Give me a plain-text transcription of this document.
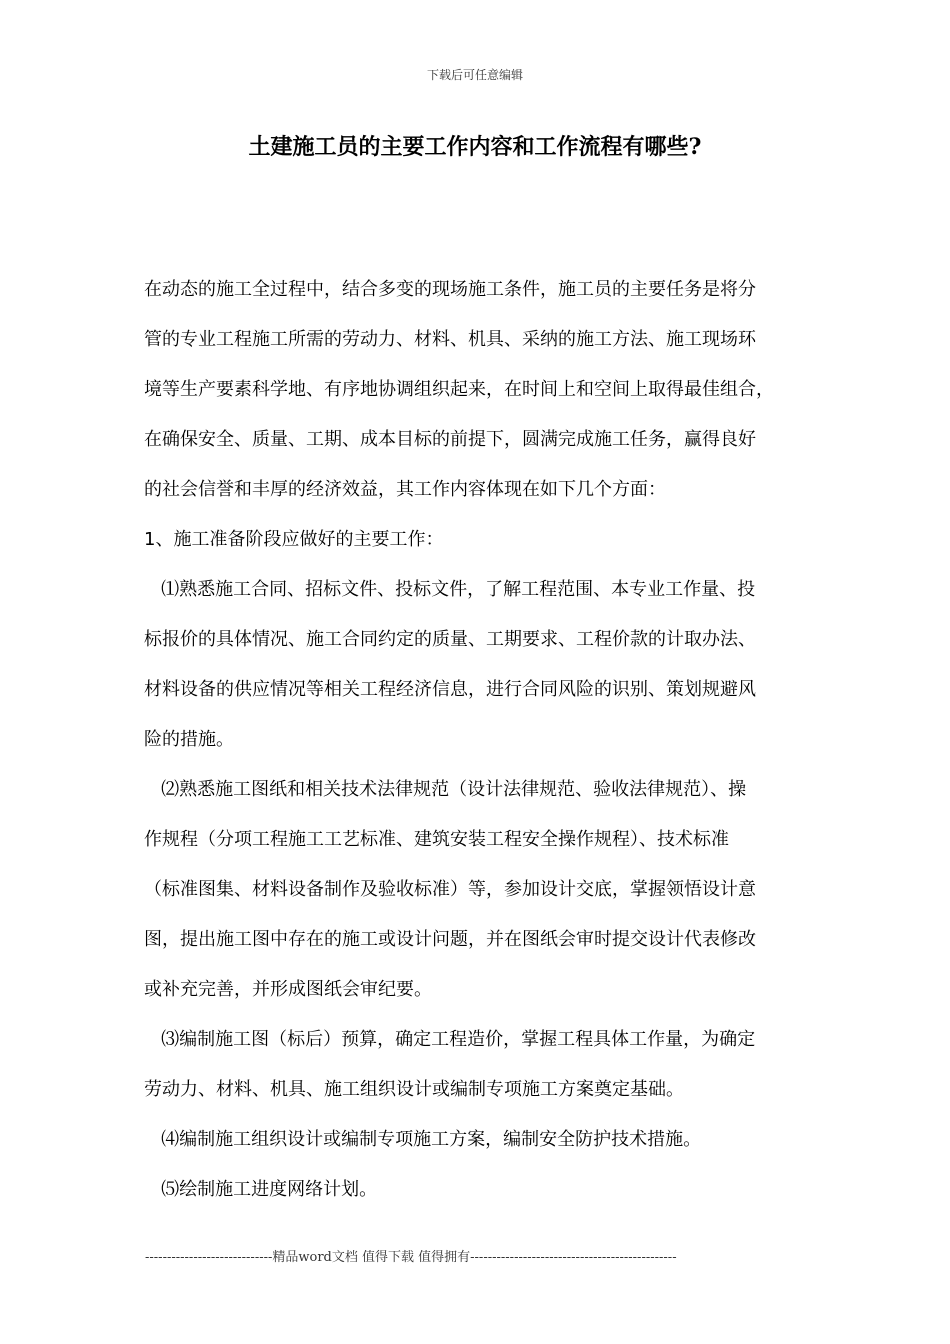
下载后可任意编辑
土建施工员的主要工作内容和工作流程有哪些?

在动态的施工全过程中，结合多变的现场施工条件，施工员的主要任务是将分

管的专业工程施工所需的劳动力、材料、机具、采纳的施工方法、施工现场环

境等生产要素科学地、有序地协调组织起来，在时间上和空间上取得最佳组合，

在确保安全、质量、工期、成本目标的前提下，圆满完成施工任务，赢得良好

的社会信誉和丰厚的经济效益，其工作内容体现在如下几个方面：

1、施工准备阶段应做好的主要工作：

⑴熟悉施工合同、招标文件、投标文件，了解工程范围、本专业工作量、投

标报价的具体情况、施工合同约定的质量、工期要求、工程价款的计取办法、

材料设备的供应情况等相关工程经济信息，进行合同风险的识别、策划规避风

险的措施。

⑵熟悉施工图纸和相关技术法律规范（设计法律规范、验收法律规范）、操

作规程（分项工程施工工艺标准、建筑安装工程安全操作规程）、技术标准

（标准图集、材料设备制作及验收标准）等，参加设计交底，掌握领悟设计意

图，提出施工图中存在的施工或设计问题，并在图纸会审时提交设计代表修改

或补充完善，并形成图纸会审纪要。

⑶编制施工图（标后）预算，确定工程造价，掌握工程具体工作量，为确定

劳动力、材料、机具、施工组织设计或编制专项施工方案奠定基础。

⑷编制施工组织设计或编制专项施工方案，编制安全防护技术措施。

⑸绘制施工进度网络计划。

-----------------------------精品word文档 值得下载 值得拥有-----------------------------------------------
